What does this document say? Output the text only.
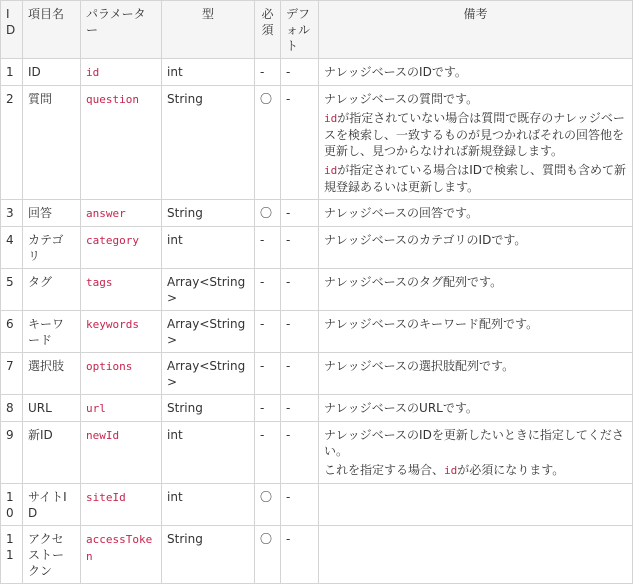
ID	項目名	パラメーター	型	必須	デフォルト	備考
1	ID	id	int	-	-	ナレッジベースのIDです。

2	質問	question	String	〇	-	ナレッジベースの質問です。

idが指定されていない場合は質問で既存のナレッジベースを検索し、一致するものが見つかればそれの回答他を更新し、見つからなければ新規登録します。

idが指定されている場合はIDで検索し、質問も含めて新規登録あるいは更新します。

3	回答	answer	String	〇	-	ナレッジベースの回答です。

4	カテゴリ	category	int	-	-	ナレッジベースのカテゴリのIDです。

5	タグ	tags	Array<String>	-	-	ナレッジベースのタグ配列です。

6	キーワード	keywords	Array<String>	-	-	ナレッジベースのキーワード配列です。

7	選択肢	options	Array<String>	-	-	ナレッジベースの選択肢配列です。

8	URL	url	String	-	-	ナレッジベースのURLです。

9	新ID	newId	int	-	-	ナレッジベースのIDを更新したいときに指定してください。

これを指定する場合、idが必須になります。

10	サイトID	siteId	int	〇	-	
11	アクセストークン	accessToken	String	〇	-	
